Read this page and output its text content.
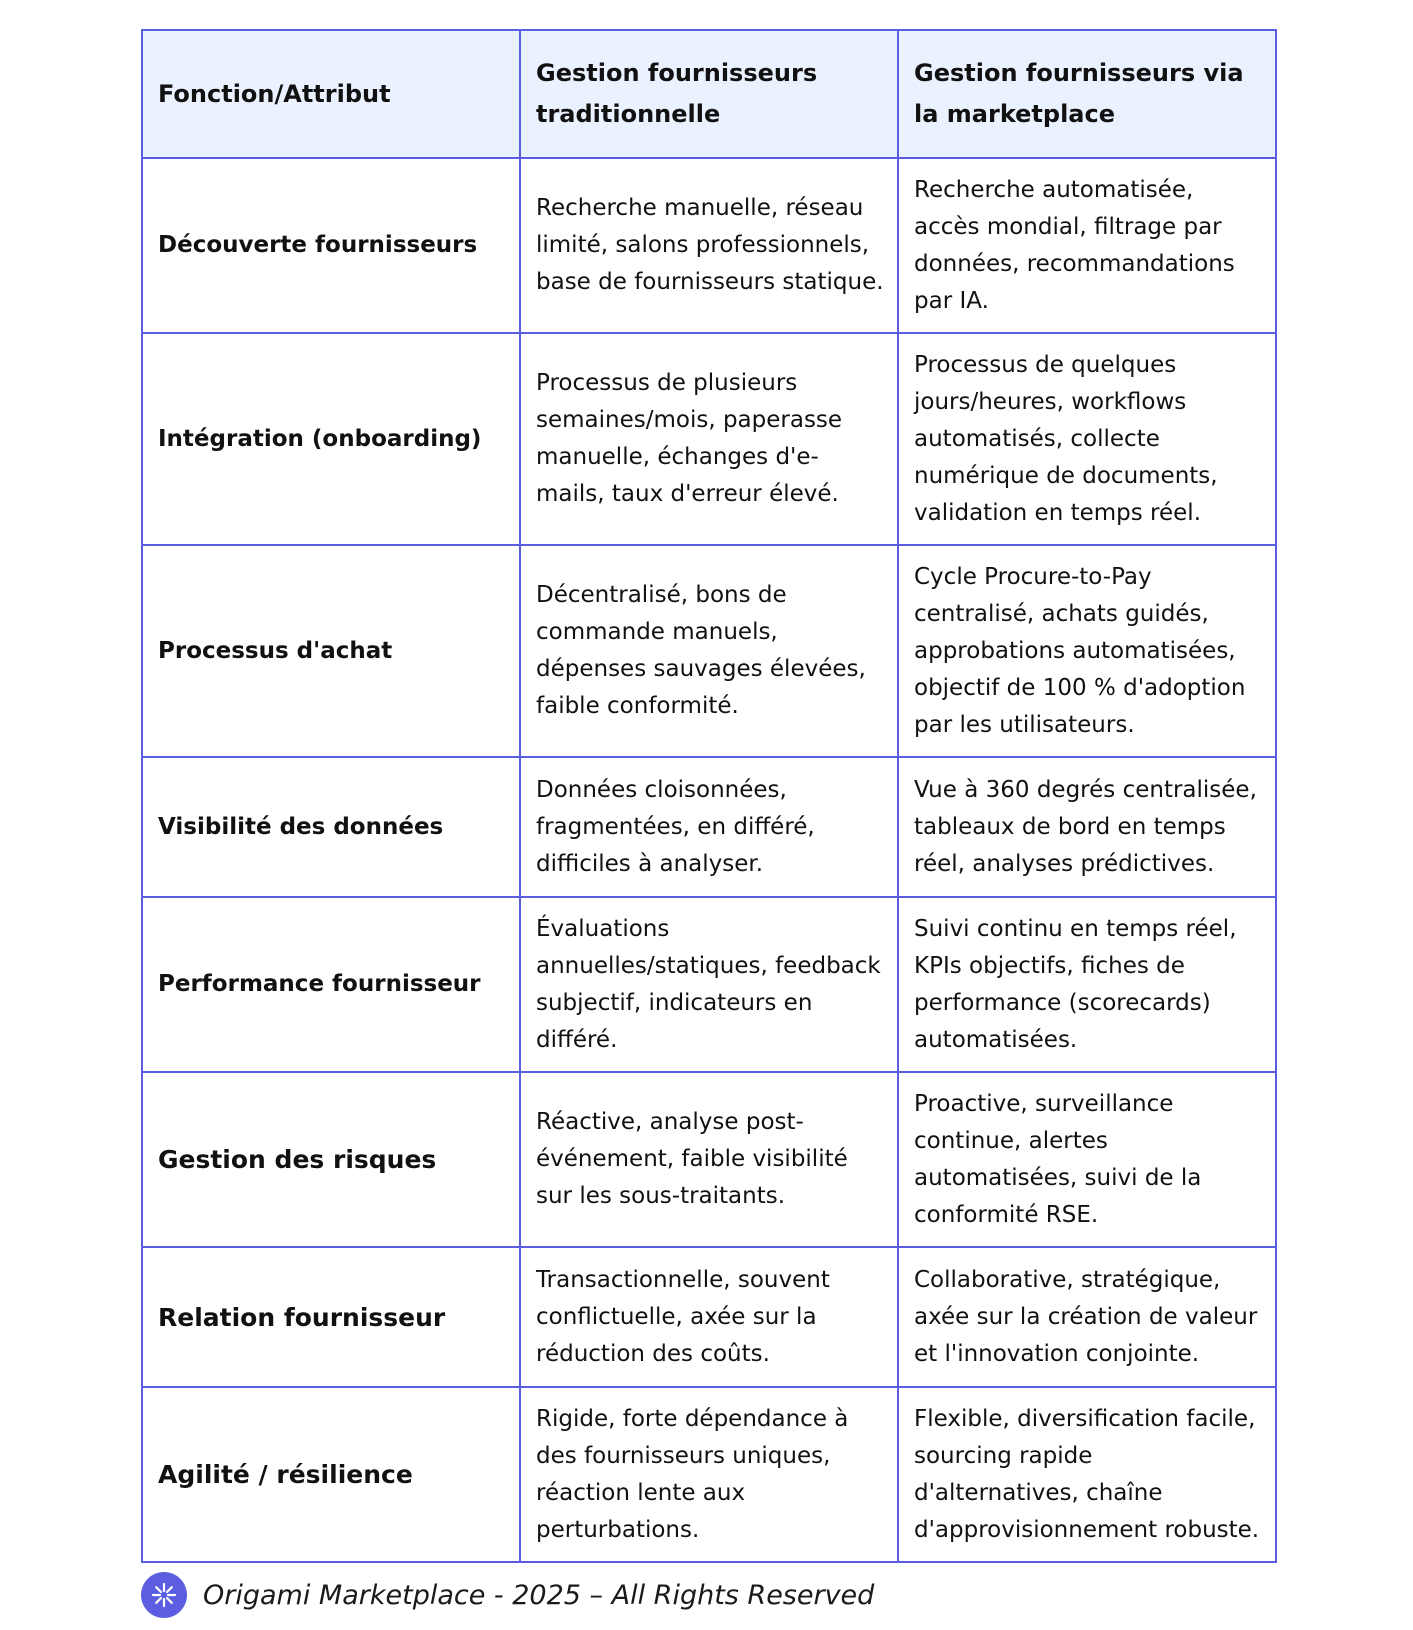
Fonction/Attribut	Gestion fournisseurs traditionnelle	Gestion fournisseurs via la marketplace
Découverte fournisseurs	Recherche manuelle, réseau limité, salons professionnels, base de fournisseurs statique.	Recherche automatisée, accès mondial, filtrage par données, recommandations par IA.
Intégration (onboarding)	Processus de plusieurs semaines/mois, paperasse manuelle, échanges d'e-mails, taux d'erreur élevé.	Processus de quelques jours/heures, workflows automatisés, collecte numérique de documents, validation en temps réel.
Processus d'achat	Décentralisé, bons de commande manuels, dépenses sauvages élevées, faible conformité.	Cycle Procure-to-Pay centralisé, achats guidés, approbations automatisées, objectif de 100 % d'adoption par les utilisateurs.
Visibilité des données	Données cloisonnées, fragmentées, en différé, difficiles à analyser.	Vue à 360 degrés centralisée, tableaux de bord en temps réel, analyses prédictives.
Performance fournisseur	Évaluations annuelles/statiques, feedback subjectif, indicateurs en différé.	Suivi continu en temps réel, KPIs objectifs, fiches de performance (scorecards) automatisées.
Gestion des risques	Réactive, analyse post-événement, faible visibilité sur les sous-traitants.	Proactive, surveillance continue, alertes automatisées, suivi de la conformité RSE.
Relation fournisseur	Transactionnelle, souvent conflictuelle, axée sur la réduction des coûts.	Collaborative, stratégique, axée sur la création de valeur et l'innovation conjointe.
Agilité / résilience	Rigide, forte dépendance à des fournisseurs uniques, réaction lente aux perturbations.	Flexible, diversification facile, sourcing rapide d'alternatives, chaîne d'approvisionnement robuste.
Origami Marketplace - 2025 – All Rights Reserved
